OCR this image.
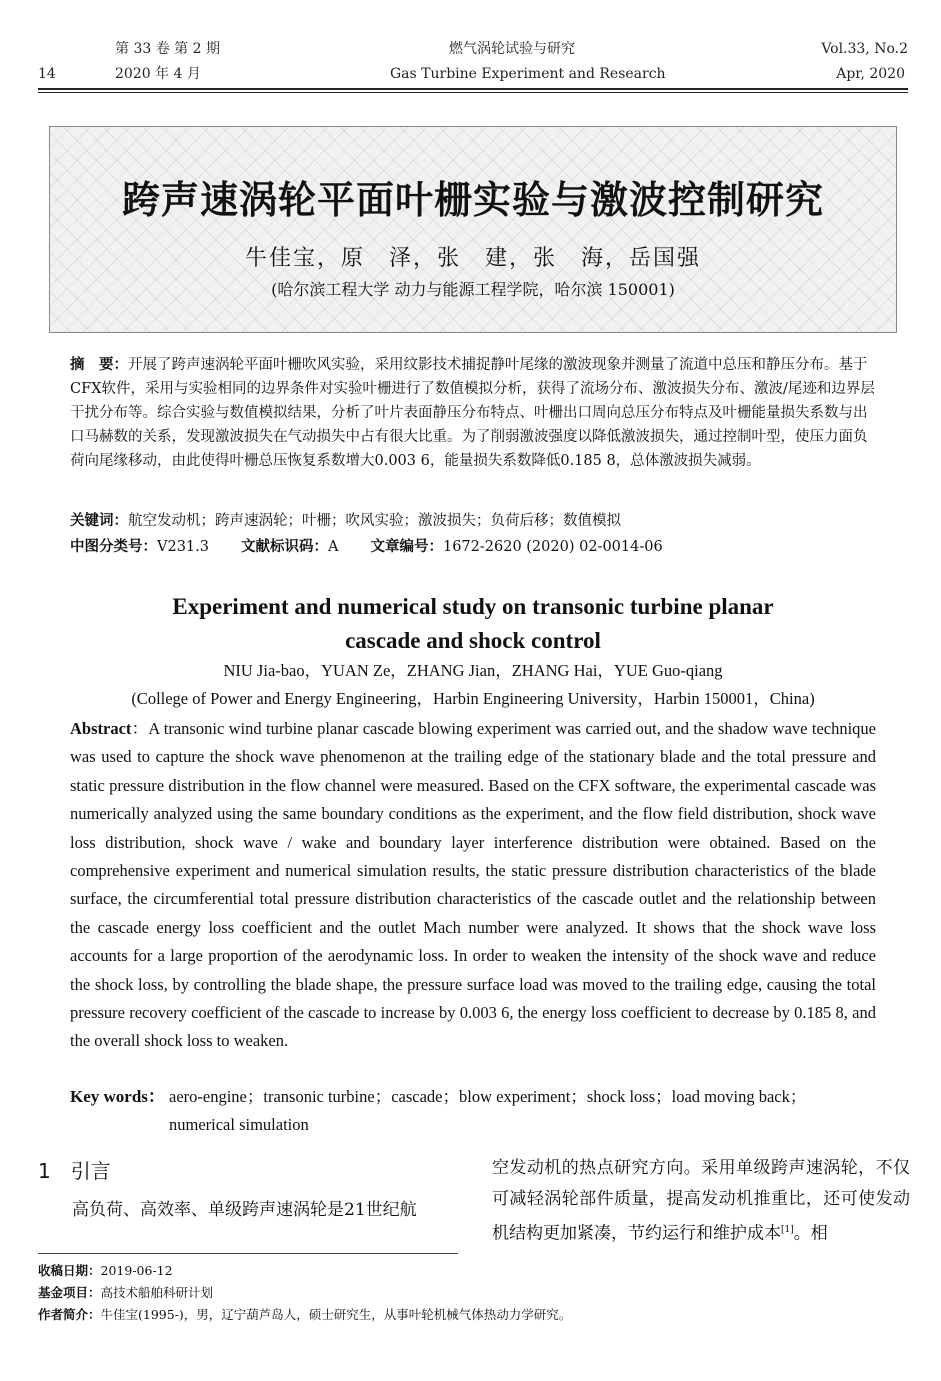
14
第 33 卷 第 2 期
2020 年 4 月
燃气涡轮试验与研究
Gas Turbine Experiment and Research
Vol.33, No.2
Apr, 2020
跨声速涡轮平面叶栅实验与激波控制研究
牛佳宝，原　泽，张　建，张　海，岳国强
(哈尔滨工程大学 动力与能源工程学院，哈尔滨 150001)

摘　要：开展了跨声速涡轮平面叶栅吹风实验，采用纹影技术捕捉静叶尾缘的激波现象并测量了流道中总压和静压分布。基于CFX软件，采用与实验相同的边界条件对实验叶栅进行了数值模拟分析，获得了流场分布、激波损失分布、激波/尾迹和边界层干扰分布等。综合实验与数值模拟结果，分析了叶片表面静压分布特点、叶栅出口周向总压分布特点及叶栅能量损失系数与出口马赫数的关系，发现激波损失在气动损失中占有很大比重。为了削弱激波强度以降低激波损失，通过控制叶型，使压力面负荷向尾缘移动，由此使得叶栅总压恢复系数增大0.003 6，能量损失系数降低0.185 8，总体激波损失减弱。

关键词：航空发动机；跨声速涡轮；叶栅；吹风实验；激波损失；负荷后移；数值模拟
中图分类号：V231.3 文献标识码：A 文章编号：1672-2620 (2020) 02-0014-06
Experiment and numerical study on transonic turbine planar
cascade and shock control
NIU Jia-bao，YUAN Ze，ZHANG Jian，ZHANG Hai，YUE Guo-qiang
(College of Power and Energy Engineering，Harbin Engineering University，Harbin 150001，China)

Abstract：A transonic wind turbine planar cascade blowing experiment was carried out, and the shadow wave technique was used to capture the shock wave phenomenon at the trailing edge of the stationary blade and the total pressure and static pressure distribution in the flow channel were measured. Based on the CFX software, the experimental cascade was numerically analyzed using the same boundary conditions as the experiment, and the flow field distribution, shock wave loss distribution, shock wave / wake and boundary layer interference distribution were obtained. Based on the comprehensive experiment and numerical simulation results, the static pressure distribution characteristics of the blade surface, the circumferential total pressure distribution characteristics of the cascade outlet and the relationship between the cascade energy loss coefficient and the outlet Mach number were analyzed. It shows that the shock wave loss accounts for a large proportion of the aerodynamic loss. In order to weaken the intensity of the shock wave and reduce the shock loss, by controlling the blade shape, the pressure surface load was moved to the trailing edge, causing the total pressure recovery coefficient of the cascade to increase by 0.003 6, the energy loss coefficient to decrease by 0.185 8, and the overall shock loss to weaken.

Key words： aero-engine；transonic turbine；cascade；blow experiment；shock loss；load moving back；numerical simulation
1　引言

高负荷、高效率、单级跨声速涡轮是21世纪航

空发动机的热点研究方向。采用单级跨声速涡轮，不仅可减轻涡轮部件质量，提高发动机推重比，还可使发动机结构更加紧凑，节约运行和维护成本[1]。相

收稿日期：2019-06-12
基金项目：高技术船舶科研计划
作者简介：牛佳宝(1995-)，男，辽宁葫芦岛人，硕士研究生，从事叶轮机械气体热动力学研究。
